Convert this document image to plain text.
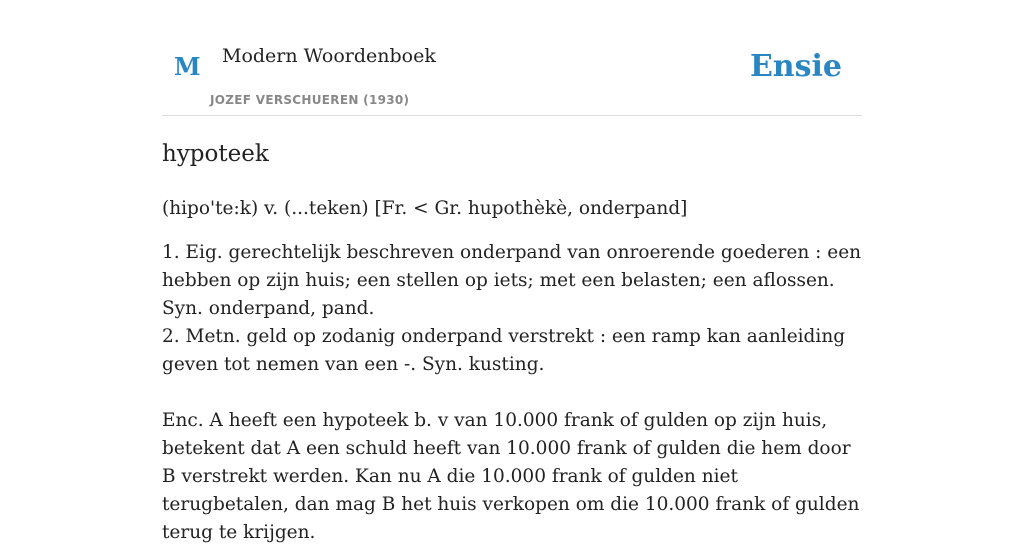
M Modern Woordenboek
JOZEF VERSCHUEREN (1930)
Ensie
hypoteek

(hipo'te:k) v. (...teken) [Fr. < Gr. hupothèkè, onderpand]

1. Eig. gerechtelijk beschreven onderpand van onroerende goederen : een hebben op zijn huis; een stellen op iets; met een belasten; een aflossen. Syn. onderpand, pand.

2. Metn. geld op zodanig onderpand verstrekt : een ramp kan aanleiding geven tot nemen van een -. Syn. kusting.

Enc. A heeft een hypoteek b. v van 10.000 frank of gulden op zijn huis, betekent dat A een schuld heeft van 10.000 frank of gulden die hem door B verstrekt werden. Kan nu A die 10.000 frank of gulden niet terugbetalen, dan mag B het huis verkopen om die 10.000 frank of gulden terug te krijgen.
